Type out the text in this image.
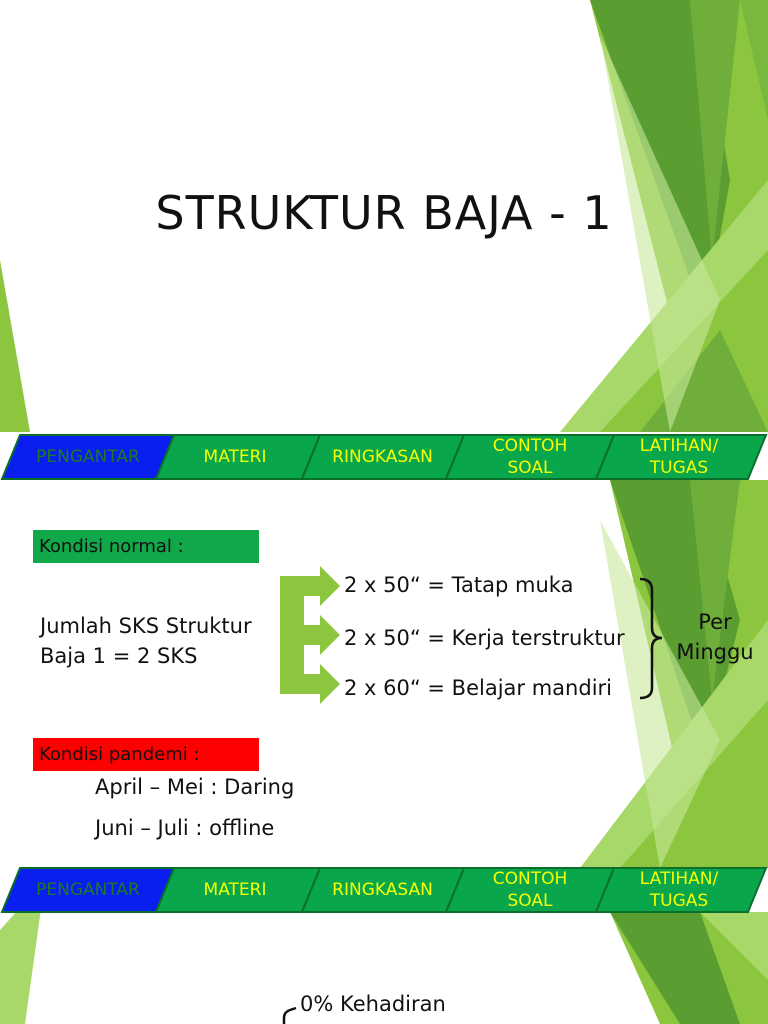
STRUKTUR BAJA - 1
PENGANTAR	MATERI	RINGKASAN
CONTOH
SOAL
LATIHAN/
TUGAS
Kondisi normal :
Jumlah SKS Struktur Baja 1 = 2 SKS
2 x 50“ = Tatap muka
2 x 50“ = Kerja terstruktur
2 x 60“ = Belajar mandiri
Per Minggu
Kondisi pandemi :
April – Mei : Daring
Juni – Juli : offline
PENGANTAR	MATERI	RINGKASAN
CONTOH
SOAL
LATIHAN/
TUGAS
0% Kehadiran
